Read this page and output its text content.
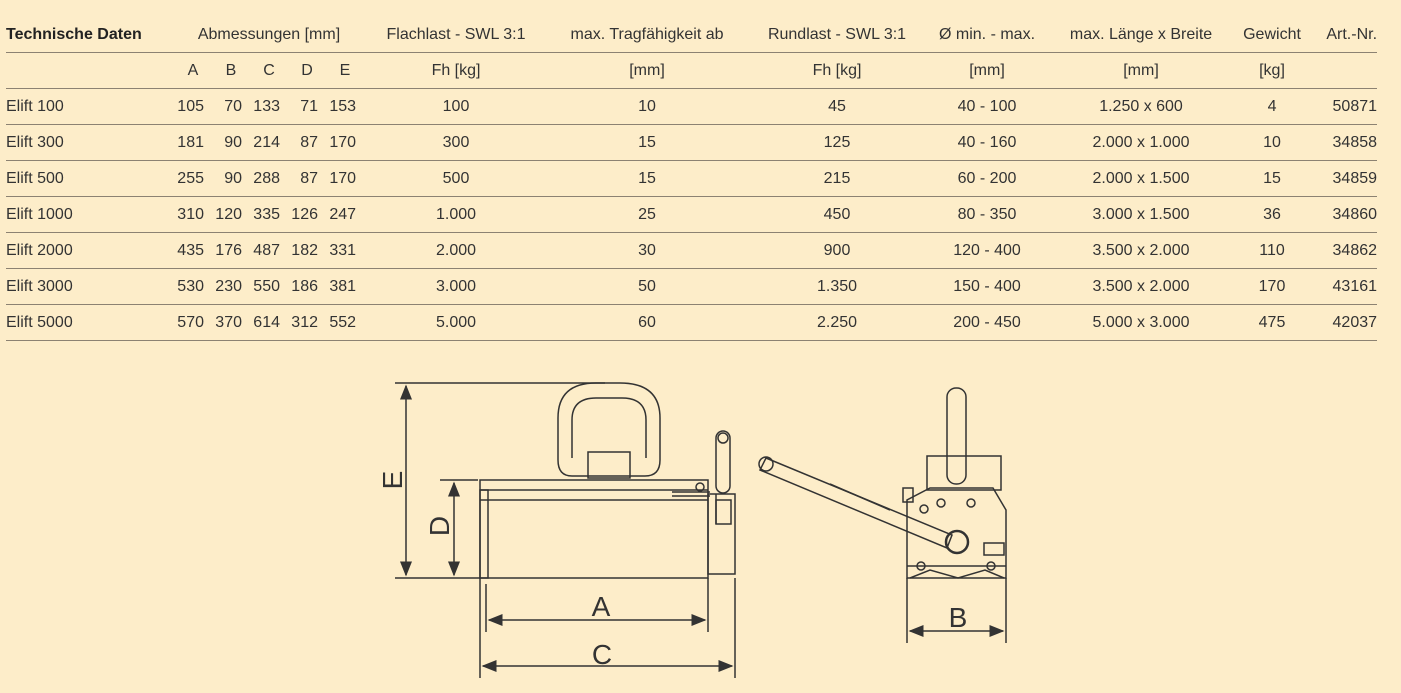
Technische Daten	Abmessungen [mm]					Flachlast - SWL 3:1	max. Tragfähigkeit ab	Rundlast - SWL 3:1	Ø min. - max.	max. Länge x Breite	Gewicht	Art.-Nr.
	A	B	C	D	E	Fh [kg]	[mm]	Fh [kg]	[mm]	[mm]	[kg]	
Elift 100	105	70	133	71	153	100	10	45	40 - 100	1.250 x 600	4	50871
Elift 300	181	90	214	87	170	300	15	125	40 - 160	2.000 x 1.000	10	34858
Elift 500	255	90	288	87	170	500	15	215	60 - 200	2.000 x 1.500	15	34859
Elift 1000	310	120	335	126	247	1.000	25	450	80 - 350	3.000 x 1.500	36	34860
Elift 2000	435	176	487	182	331	2.000	30	900	120 - 400	3.500 x 2.000	110	34862
Elift 3000	530	230	550	186	381	3.000	50	1.350	150 - 400	3.500 x 2.000	170	43161
Elift 5000	570	370	614	312	552	5.000	60	2.250	200 - 450	5.000 x 3.000	475	42037
A
C
B
E
D
